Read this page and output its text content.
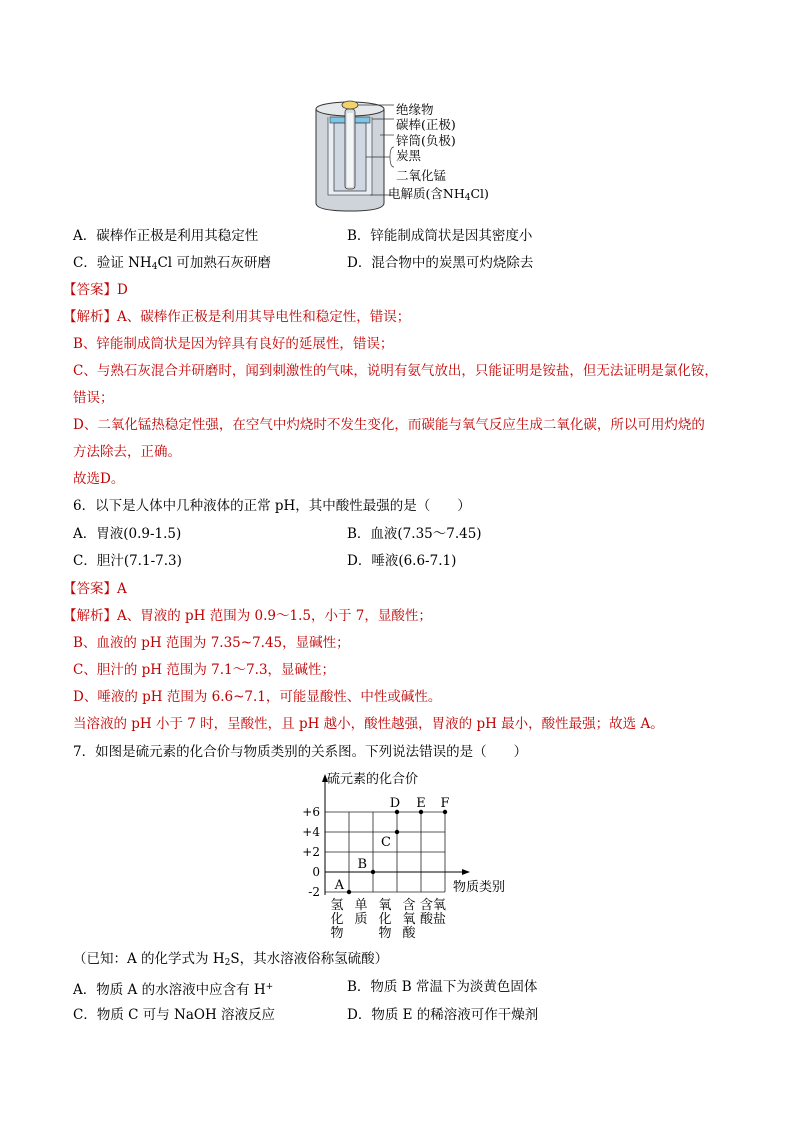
绝缘物
碳棒(正极)
锌筒(负极)
炭黑
二氧化锰
电解质(含$NH_4Cl$)
A．碳棒作正极是利用其稳定性	B．锌能制成筒状是因其密度小
C．验证 $NH_4Cl$ 可加熟石灰研磨	D．混合物中的炭黑可灼烧除去
【答案】D
【解析】A、碳棒作正极是利用其导电性和稳定性，错误；
B、锌能制成筒状是因为锌具有良好的延展性，错误；
C、与熟石灰混合并研磨时，闻到刺激性的气味，说明有氨气放出，只能证明是铵盐，但无法证明是氯化铵，
错误；
D、二氧化锰热稳定性强，在空气中灼烧时不发生变化，而碳能与氧气反应生成二氧化碳，所以可用灼烧的
方法除去，正确。
故选D。
6．以下是人体中几种液体的正常 pH，其中酸性最强的是（　　）
A．胃液(0.9-1.5)	B．血液(7.35～7.45)
C．胆汁(7.1-7.3)	D．唾液(6.6-7.1)
【答案】A
【解析】A、胃液的 pH 范围为 0.9～1.5，小于 7，显酸性；
B、血液的 pH 范围为 7.35~7.45，显碱性；
C、胆汁的 pH 范围为 7.1～7.3，显碱性；
D、唾液的 pH 范围为 6.6~7.1，可能显酸性、中性或碱性。
当溶液的 pH 小于 7 时，呈酸性，且 pH 越小，酸性越强，胃液的 pH 最小，酸性最强；故选 A。
7．如图是硫元素的化合价与物质类别的关系图。下列说法错误的是（　　）
硫元素的化合价
+6
+4
+2
0
-2	物质类别
氢
化
物
单
质
氧
化
物
含
氧
酸
含氧
酸盐
A
B
C
D E F
（已知：A 的化学式为 $H_2S$，其水溶液俗称氢硫酸）
A．物质 A 的水溶液中应含有 H+	B．物质 B 常温下为淡黄色固体
C．物质 C 可与 NaOH 溶液反应	D．物质 E 的稀溶液可作干燥剂
